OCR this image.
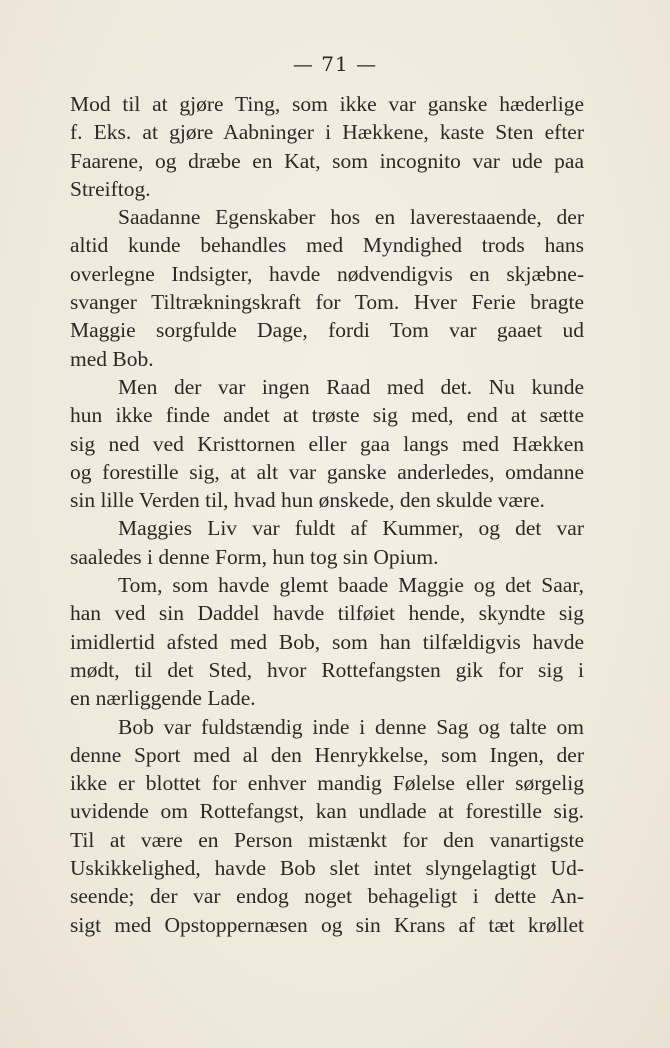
— 71 —
Mod til at gjøre Ting, som ikke var ganske hæderlige
f. Eks. at gjøre Aabninger i Hækkene, kaste Sten efter
Faarene, og dræbe en Kat, som incognito var ude paa
Streiftog.
Saadanne Egenskaber hos en laverestaaende, der
altid kunde behandles med Myndighed trods hans
overlegne Indsigter, havde nødvendigvis en skjæbne-
svanger Tiltrækningskraft for Tom. Hver Ferie bragte
Maggie sorgfulde Dage, fordi Tom var gaaet ud
med Bob.
Men der var ingen Raad med det. Nu kunde
hun ikke finde andet at trøste sig med, end at sætte
sig ned ved Kristtornen eller gaa langs med Hækken
og forestille sig, at alt var ganske anderledes, omdanne
sin lille Verden til, hvad hun ønskede, den skulde være.
Maggies Liv var fuldt af Kummer, og det var
saaledes i denne Form, hun tog sin Opium.
Tom, som havde glemt baade Maggie og det Saar,
han ved sin Daddel havde tilføiet hende, skyndte sig
imidlertid afsted med Bob, som han tilfældigvis havde
mødt, til det Sted, hvor Rottefangsten gik for sig i
en nærliggende Lade.
Bob var fuldstændig inde i denne Sag og talte om
denne Sport med al den Henrykkelse, som Ingen, der
ikke er blottet for enhver mandig Følelse eller sørgelig
uvidende om Rottefangst, kan undlade at forestille sig.
Til at være en Person mistænkt for den vanartigste
Uskikkelighed, havde Bob slet intet slyngelagtigt Ud-
seende; der var endog noget behageligt i dette An-
sigt med Opstoppernæsen og sin Krans af tæt krøllet
